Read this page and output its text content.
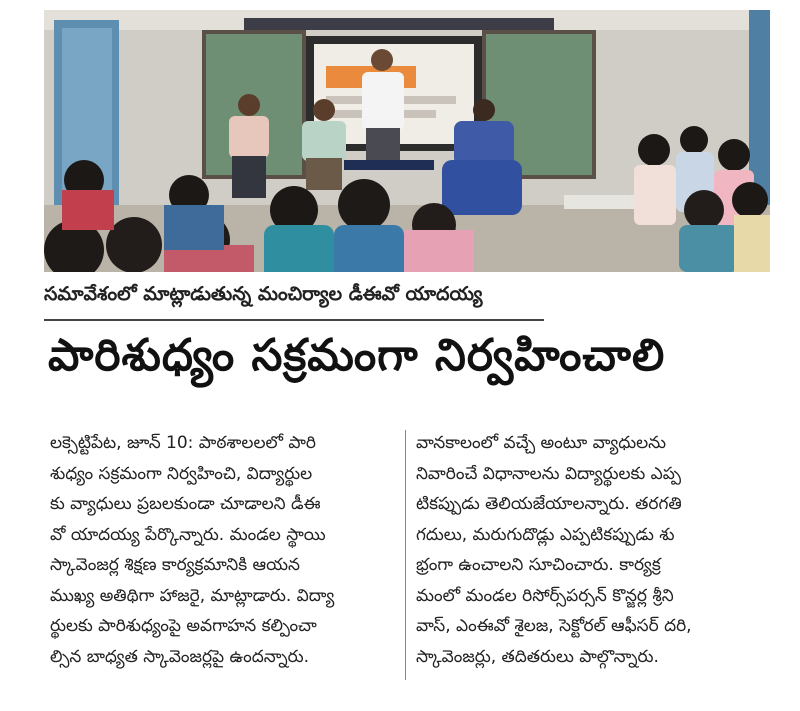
సమావేశంలో మాట్లాడుతున్న మంచిర్యాల డీఈవో యాదయ్య
పారిశుధ్యం సక్రమంగా నిర్వహించాలి
లక్సెట్టిపేట, జూన్ 10: పాఠశాలలలో పారి
శుధ్యం సక్రమంగా నిర్వహించి, విద్యార్థుల
కు వ్యాధులు ప్రబలకుండా చూడాలని డీఈ
వో యాదయ్య పేర్కొన్నారు. మండల స్థాయి
స్కావెంజర్ల శిక్షణ కార్యక్రమానికి ఆయన
ముఖ్య అతిథిగా హాజరై, మాట్లాడారు. విద్యా
ర్థులకు పారిశుధ్యంపై అవగాహన కల్పించా
ల్సిన బాధ్యత స్కావెంజర్లపై ఉందన్నారు.
వానకాలంలో వచ్చే అంటూ వ్యాధులను
నివారించే విధానాలను విద్యార్థులకు ఎప్ప
టికప్పుడు తెలియజేయాలన్నారు. తరగతి
గదులు, మరుగుదొడ్లు ఎప్పటికప్పుడు శు
భ్రంగా ఉంచాలని సూచించారు. కార్యక్ర
మంలో మండల రిసోర్స్‌పర్సన్ కొన్జర్ల శ్రీని
వాస్, ఎంఈవో శైలజ, సెక్టోరల్ ఆఫీసర్ దరి,
స్కావెంజర్లు, తదితరులు పాల్గొన్నారు.
